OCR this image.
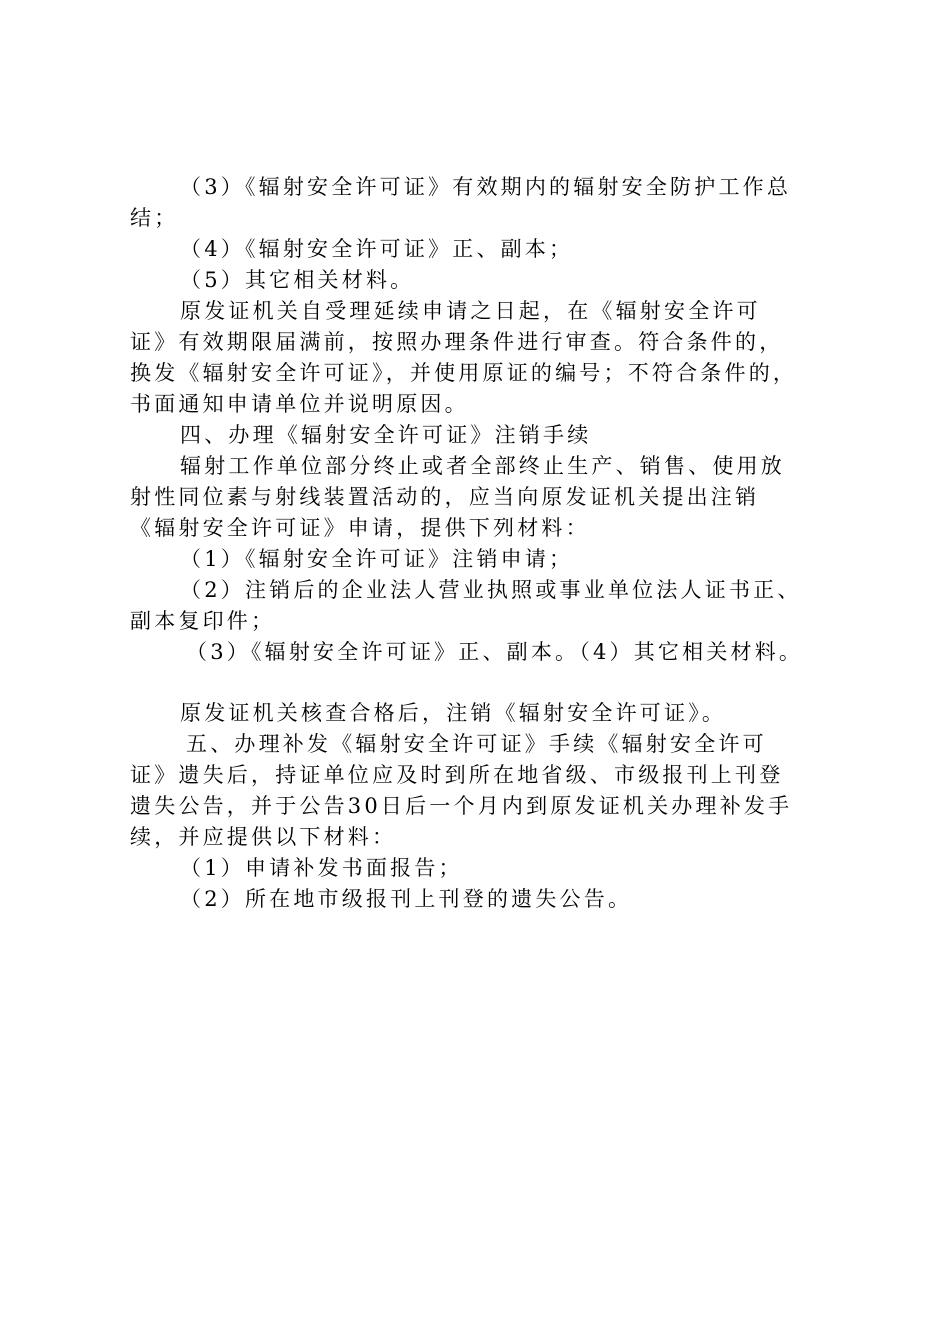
（3）《辐射安全许可证》有效期内的辐射安全防护工作总
结；
（4）《辐射安全许可证》正、副本；
（5）其它相关材料。
原发证机关自受理延续申请之日起，在《辐射安全许可
证》有效期限届满前，按照办理条件进行审查。符合条件的，
换发《辐射安全许可证》，并使用原证的编号；不符合条件的，
书面通知申请单位并说明原因。
四、办理《辐射安全许可证》注销手续
辐射工作单位部分终止或者全部终止生产、销售、使用放
射性同位素与射线装置活动的，应当向原发证机关提出注销
《辐射安全许可证》申请，提供下列材料：
（1）《辐射安全许可证》注销申请；
（2）注销后的企业法人营业执照或事业单位法人证书正、
副本复印件；
（3）《辐射安全许可证》正、副本。（4）其它相关材料。
原发证机关核查合格后，注销《辐射安全许可证》。
五、办理补发《辐射安全许可证》手续《辐射安全许可
证》遗失后，持证单位应及时到所在地省级、市级报刊上刊登
遗失公告，并于公告30日后一个月内到原发证机关办理补发手
续，并应提供以下材料：
（1）申请补发书面报告；
（2）所在地市级报刊上刊登的遗失公告。
